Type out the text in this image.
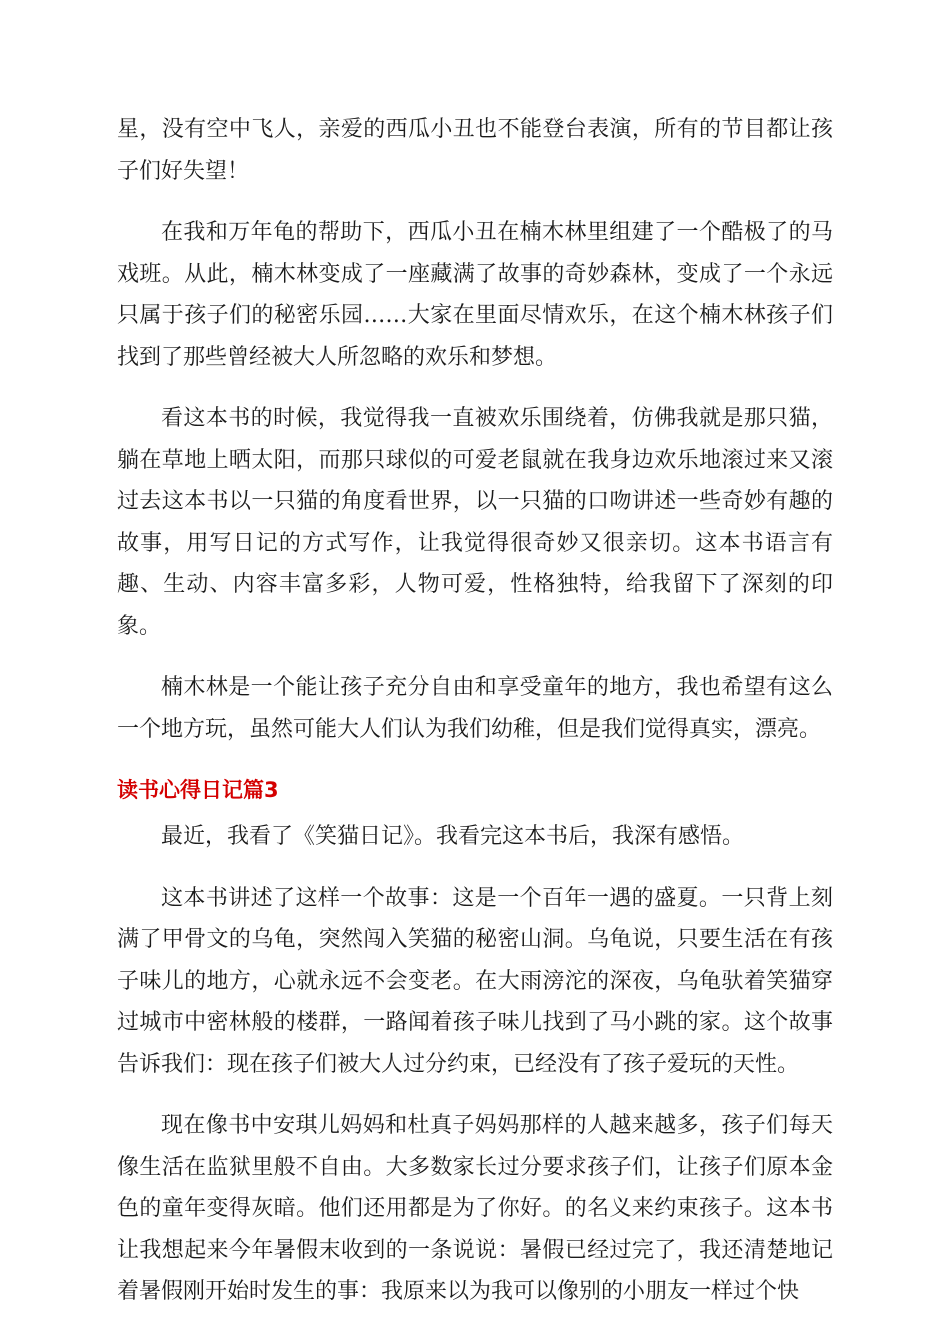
星，没有空中飞人，亲爱的西瓜小丑也不能登台表演，所有的节目都让孩子们好失望！

在我和万年龟的帮助下，西瓜小丑在楠木林里组建了一个酷极了的马戏班。从此，楠木林变成了一座藏满了故事的奇妙森林，变成了一个永远只属于孩子们的秘密乐园……大家在里面尽情欢乐，在这个楠木林孩子们找到了那些曾经被大人所忽略的欢乐和梦想。

看这本书的时候，我觉得我一直被欢乐围绕着，仿佛我就是那只猫，躺在草地上晒太阳，而那只球似的可爱老鼠就在我身边欢乐地滚过来又滚过去这本书以一只猫的角度看世界，以一只猫的口吻讲述一些奇妙有趣的故事，用写日记的方式写作，让我觉得很奇妙又很亲切。这本书语言有趣、生动、内容丰富多彩，人物可爱，性格独特，给我留下了深刻的印象。

楠木林是一个能让孩子充分自由和享受童年的地方，我也希望有这么一个地方玩，虽然可能大人们认为我们幼稚，但是我们觉得真实，漂亮。

读书心得日记篇3

最近，我看了《笑猫日记》。我看完这本书后，我深有感悟。

这本书讲述了这样一个故事：这是一个百年一遇的盛夏。一只背上刻满了甲骨文的乌龟，突然闯入笑猫的秘密山洞。乌龟说，只要生活在有孩子味儿的地方，心就永远不会变老。在大雨滂沱的深夜，乌龟驮着笑猫穿过城市中密林般的楼群，一路闻着孩子味儿找到了马小跳的家。这个故事告诉我们：现在孩子们被大人过分约束，已经没有了孩子爱玩的天性。

现在像书中安琪儿妈妈和杜真子妈妈那样的人越来越多，孩子们每天像生活在监狱里般不自由。大多数家长过分要求孩子们，让孩子们原本金色的童年变得灰暗。他们还用都是为了你好。的名义来约束孩子。这本书让我想起来今年暑假末收到的一条说说：暑假已经过完了，我还清楚地记着暑假刚开始时发生的事：我原来以为我可以像别的小朋友一样过个快
